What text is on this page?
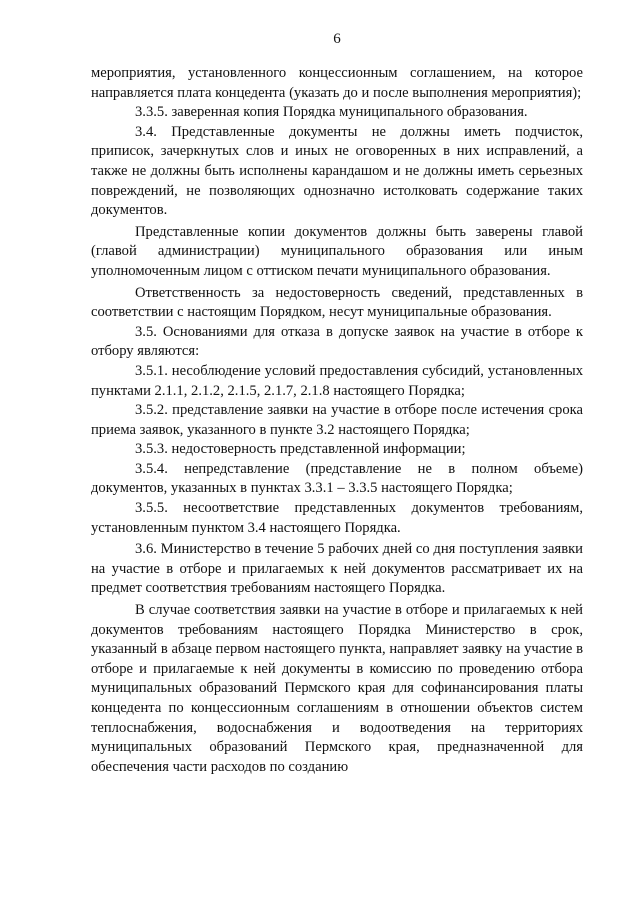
6

мероприятия, установленного концессионным соглашением, на которое направляется плата концедента (указать до и после выполнения мероприятия);

3.3.5. заверенная копия Порядка муниципального образования.

3.4. Представленные документы не должны иметь подчисток, приписок, зачеркнутых слов и иных не оговоренных в них исправлений, а также не должны быть исполнены карандашом и не должны иметь серьезных повреждений, не позволяющих однозначно истолковать содержание таких документов.

Представленные копии документов должны быть заверены главой (главой администрации) муниципального образования или иным уполномоченным лицом с оттиском печати муниципального образования.

Ответственность за недостоверность сведений, представленных в соответствии с настоящим Порядком, несут муниципальные образования.

3.5. Основаниями для отказа в допуске заявок на участие в отборе к отбору являются:

3.5.1. несоблюдение условий предоставления субсидий, установленных пунктами 2.1.1, 2.1.2, 2.1.5, 2.1.7, 2.1.8 настоящего Порядка;

3.5.2. представление заявки на участие в отборе после истечения срока приема заявок, указанного в пункте 3.2 настоящего Порядка;

3.5.3. недостоверность представленной информации;

3.5.4. непредставление (представление не в полном объеме) документов, указанных в пунктах 3.3.1 – 3.3.5 настоящего Порядка;

3.5.5. несоответствие представленных документов требованиям, установленным пунктом 3.4 настоящего Порядка.

3.6. Министерство в течение 5 рабочих дней со дня поступления заявки на участие в отборе и прилагаемых к ней документов рассматривает их на предмет соответствия требованиям настоящего Порядка.

В случае соответствия заявки на участие в отборе и прилагаемых к ней документов требованиям настоящего Порядка Министерство в срок, указанный в абзаце первом настоящего пункта, направляет заявку на участие в отборе и прилагаемые к ней документы в комиссию по проведению отбора муниципальных образований Пермского края для софинансирования платы концедента по концессионным соглашениям в отношении объектов систем теплоснабжения, водоснабжения и водоотведения на территориях муниципальных образований Пермского края, предназначенной для обеспечения части расходов по созданию
